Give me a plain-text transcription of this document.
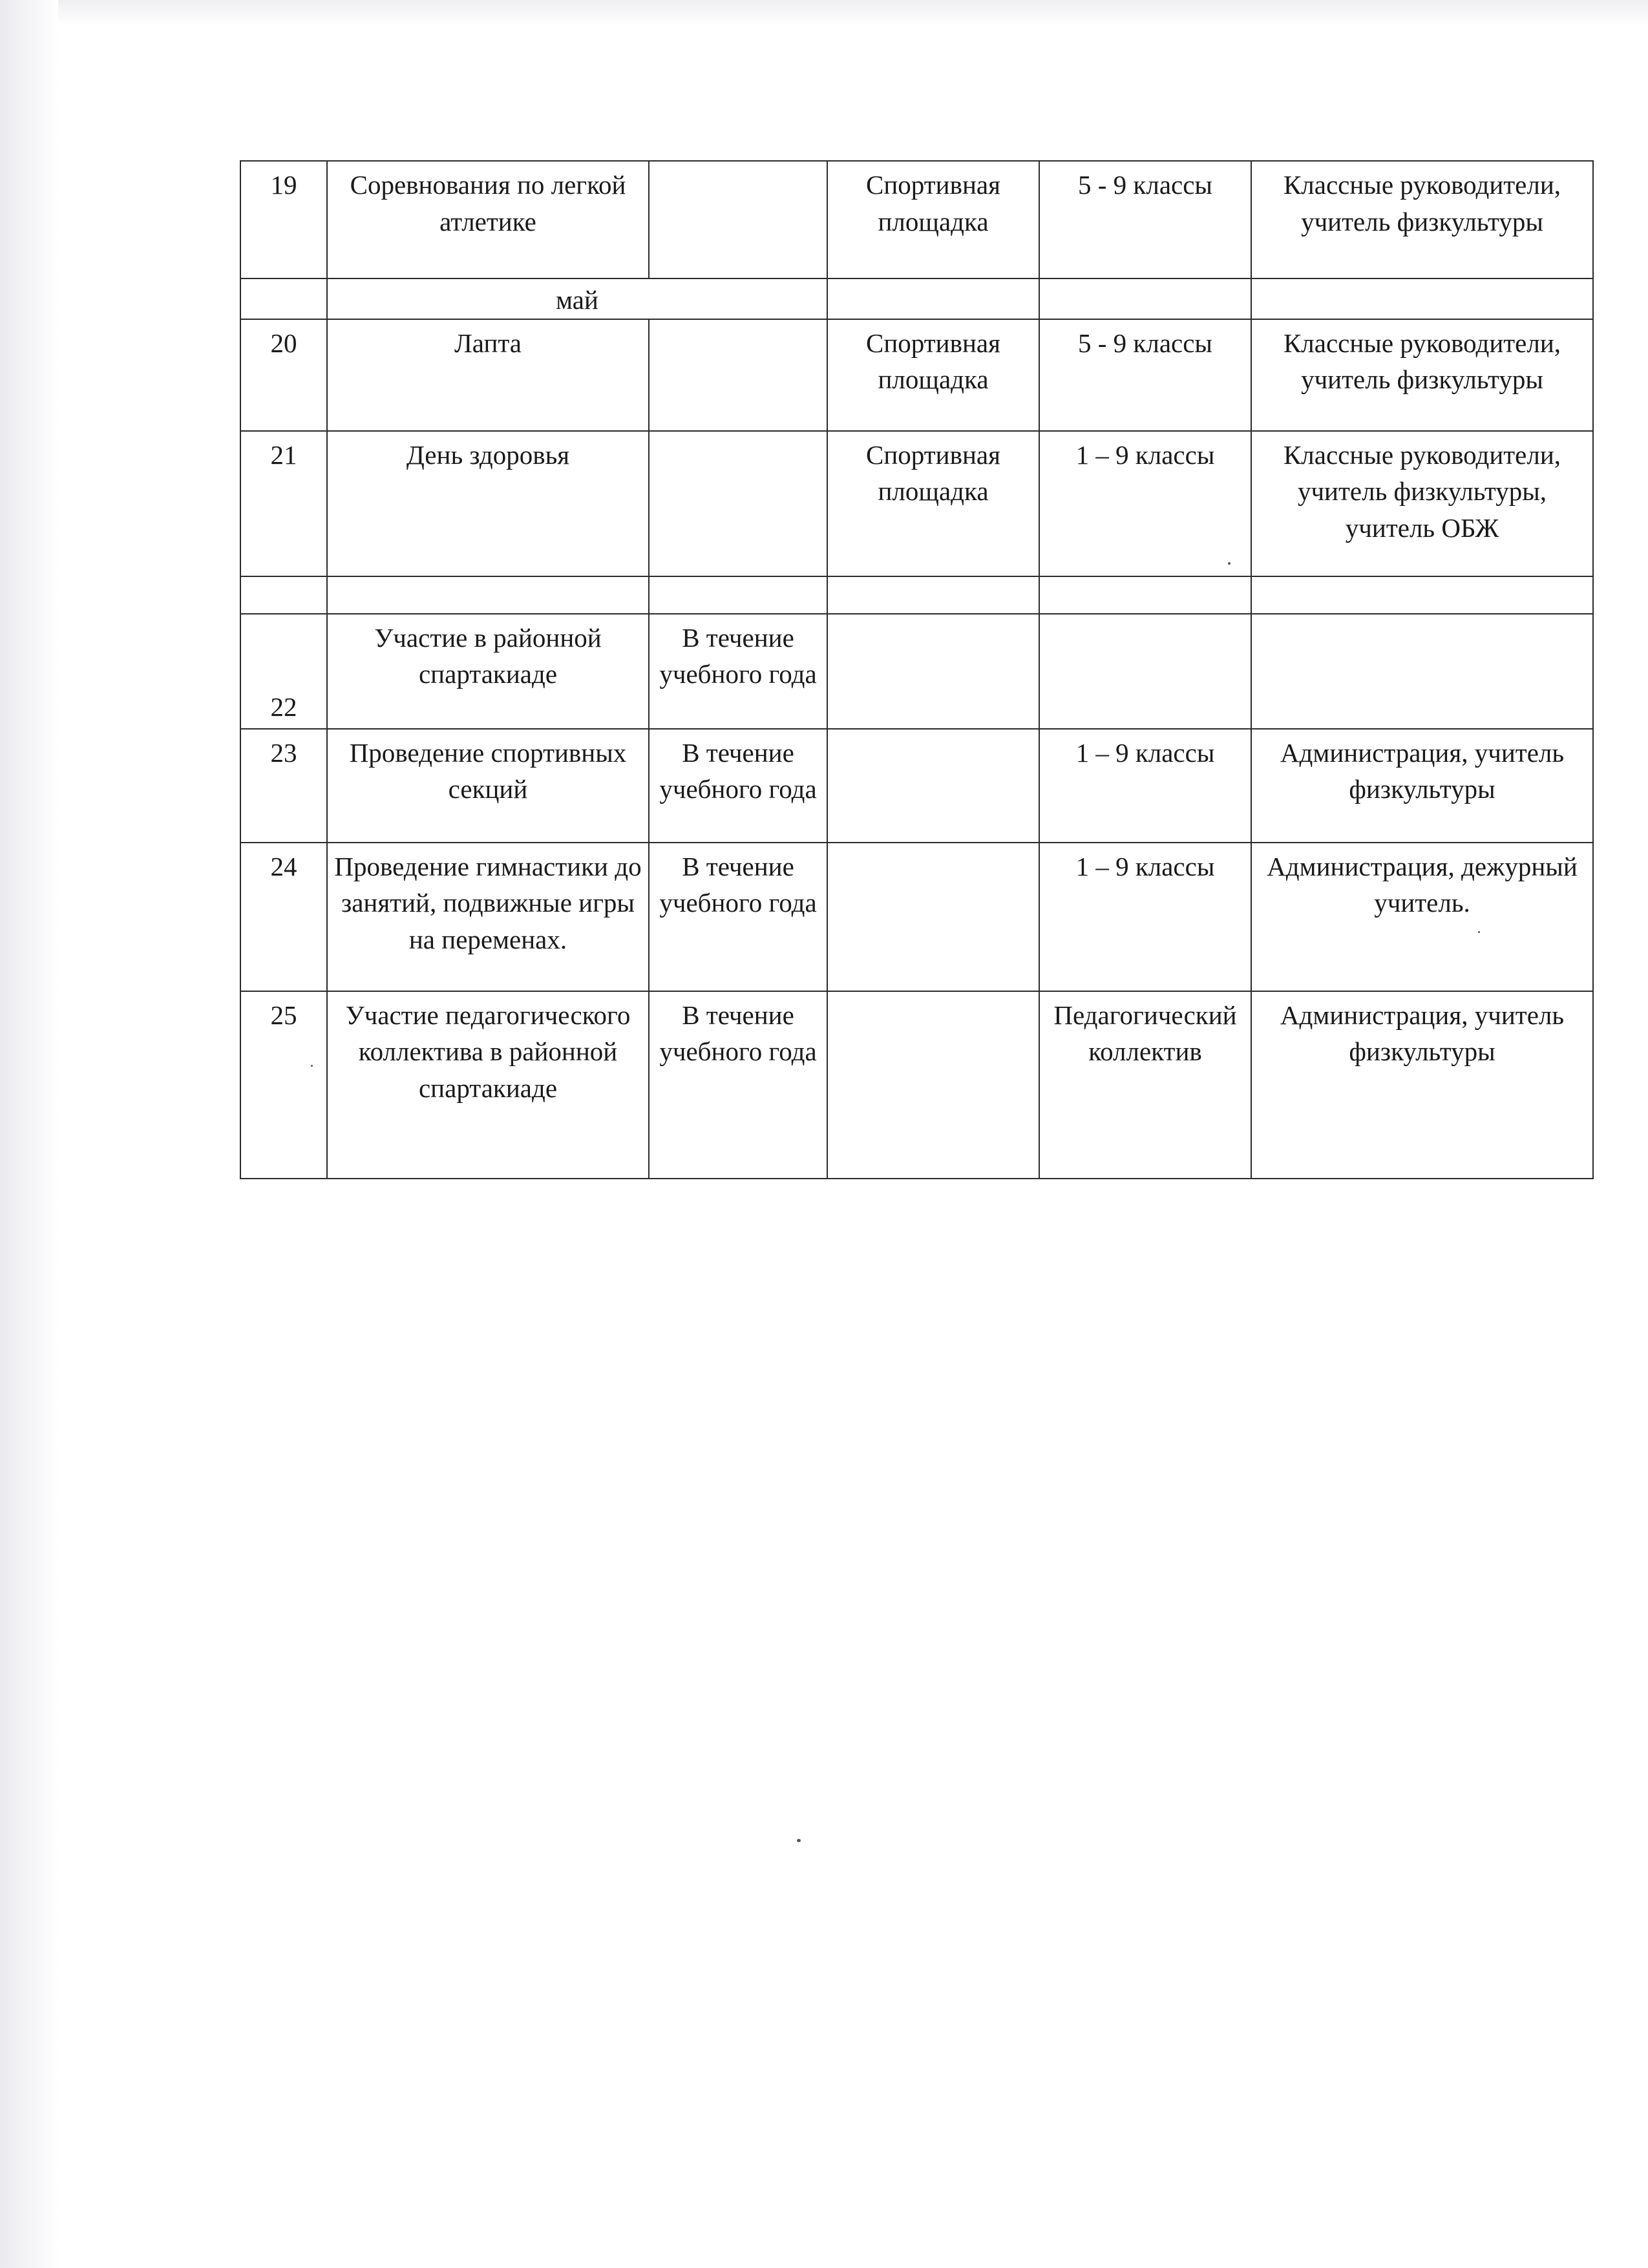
19	Соревнования по легкой атлетике		Спортивная площадка	5 - 9 классы	Классные руководители, учитель физкультуры
	май				
20	Лапта		Спортивная площадка	5 - 9 классы	Классные руководители, учитель физкультуры
21	День здоровья		Спортивная площадка	1 – 9 классы	Классные руководители, учитель физкультуры, учитель ОБЖ

22	Участие в районной спартакиаде	В течение учебного года			
23	Проведение спортивных секций	В течение учебного года		1 – 9 классы	Администрация, учитель физкультуры
24	Проведение гимнастики до занятий, подвижные игры на переменах.	В течение учебного года		1 – 9 классы	Администрация, дежурный учитель.
25	Участие педагогического коллектива в районной спартакиаде	В течение учебного года		Педагогический коллектив	Администрация, учитель физкультуры
